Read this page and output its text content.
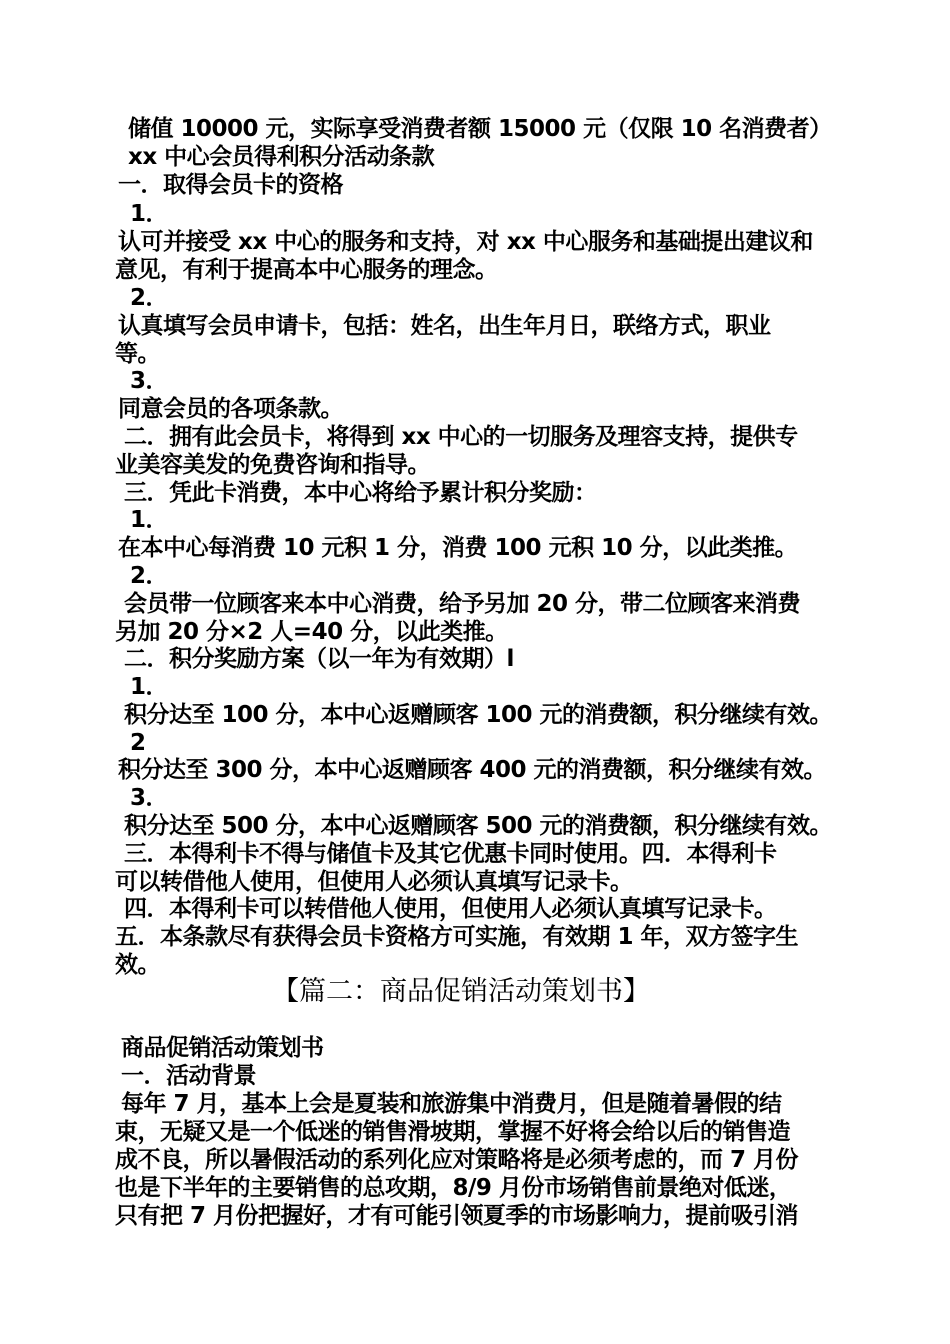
储值 10000 元，实际享受消费者额 15000 元（仅限 10 名消费者）
xx 中心会员得利积分活动条款
一．取得会员卡的资格
1．
认可并接受 xx 中心的服务和支持，对 xx 中心服务和基础提出建议和
意见，有利于提高本中心服务的理念。
2．
认真填写会员申请卡，包括：姓名，出生年月日，联络方式，职业
等。
3．
同意会员的各项条款。
二．拥有此会员卡，将得到 xx 中心的一切服务及理容支持，提供专
业美容美发的免费咨询和指导。
三．凭此卡消费，本中心将给予累计积分奖励：
1．
在本中心每消费 10 元积 1 分，消费 100 元积 10 分，以此类推。
2．
会员带一位顾客来本中心消费，给予另加 20 分，带二位顾客来消费
另加 20 分×2 人=40 分，以此类推。
二．积分奖励方案（以一年为有效期）l
1．
积分达至 100 分，本中心返赠顾客 100 元的消费额，积分继续有效。
2
积分达至 300 分，本中心返赠顾客 400 元的消费额，积分继续有效。
3．
积分达至 500 分，本中心返赠顾客 500 元的消费额，积分继续有效。
三．本得利卡不得与储值卡及其它优惠卡同时使用。四．本得利卡
可以转借他人使用，但使用人必须认真填写记录卡。
四．本得利卡可以转借他人使用，但使用人必须认真填写记录卡。
五．本条款尽有获得会员卡资格方可实施，有效期 1 年，双方签字生
效。
【篇二：商品促销活动策划书】
商品促销活动策划书
一．活动背景
每年 7 月，基本上会是夏装和旅游集中消费月，但是随着暑假的结
束，无疑又是一个低迷的销售滑坡期，掌握不好将会给以后的销售造
成不良，所以暑假活动的系列化应对策略将是必须考虑的，而 7 月份
也是下半年的主要销售的总攻期，8/9 月份市场销售前景绝对低迷，
只有把 7 月份把握好，才有可能引领夏季的市场影响力，提前吸引消
